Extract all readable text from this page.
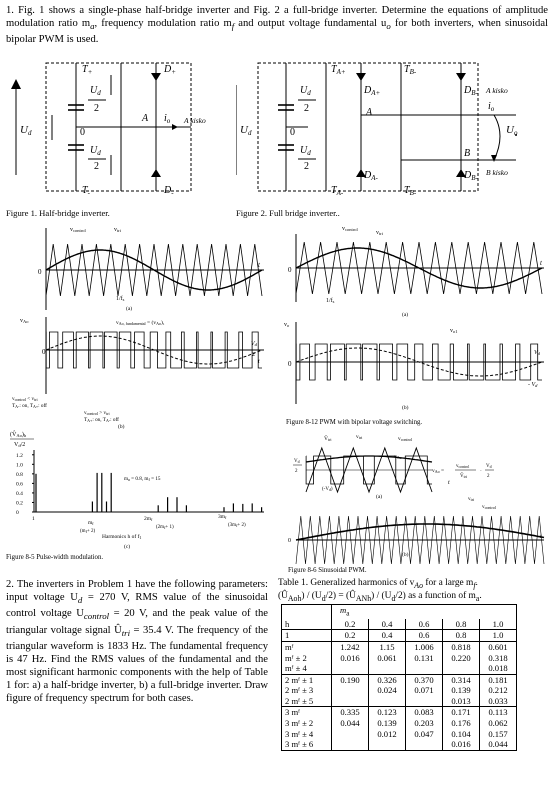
1. Fig. 1 shows a single-phase half-bridge inverter and Fig. 2 a full-bridge inverter. Determine the equations of amplitude modulation ratio $m_a$, frequency modulation ratio $m_f$ and output voltage fundamental $u_o$ for both inverters, when sinusoidal bipolar PWM is used.
$T_+$	$D_+$
$T_-$	$D_-$
Ud
$U_d$
2
$U_d$
2
0
A	A kisko
$i_o$
Figure 1. Half-bridge inverter.
$T_{A+}$	$T_{B-}$
$D_{A+}$	$D_{B-}$ A kisko
A
$i_o$
Uo
B
B kisko
$D_{A-}$	$D_{B-}$
$T_{A-}$	$T_{B-}$
Ud	0
$U_d$
2
$U_d$
2
Figure 2. Full bridge inverter..
0
t
vcontrol	vtri
1/fs
(a)
vAo	vAo, fundamental = (vAo)₁
Vd
2
0
t
vcontrol < vtri
TA-: on, TA+: off
vcontrol > vtri
TA+: on, TA-: off
(b)
(V̂Ao)h
Vd/2
1.2
1.0
0.8
0.6
0.4
0.2
0
ma = 0.8, mf = 15
1
mf
$(m_f+ 2)$
2mf
$(2m_f+ 1)$
3mf
$(3m_f+ 2)$
Harmonics h of f1
(c)
Figure 8-5 Pulse-width modulation.
0
t
vcontrol
vtri
1/fs
(a)
vo
vo1
Vd
- Vd
0
(b)
Figure 8-12 PWM with bipolar voltage switching.
V̂tri	vtri	vcontrol
vAo
vAo =
$v_{control}$
$V̂_{tri}$
·
$V_d$
2
$V_d$
2
$(-V_d)$
t
(a)
0
t
vtri
vcontrol
(b)
Figure 8-6 Sinusoidal PWM.
2. The inverters in Problem 1 have the following parameters: input voltage $U_d = 270$ V, RMS value of the sinusoidal control voltage $U_{control} = 20$ V, and the peak value of the triangular voltage signal $Û_{tri} = 35.4$ V. The frequency of the triangular waveform is 1833 Hz. The fundamental frequency is 47 Hz. Find the RMS values of the fundamental and the most significant harmonic components with the help of Table 1 for: a) a half-bridge inverter, b) a full-bridge inverter. Draw figure of frequency spectrum for both cases.
Table 1. Generalized harmonics of $v_{Ao}$ for a large $m_f$.
$(Û_{Aoh}) / (U_d/2)$ = $(Û_{ANh}) / (U_d/2)$ as a function of $m_a$.
	$m_a$
h	0.2	0.4	0.6	0.8	1.0
1	0.2	0.4	0.6	0.8	1.0
mᶠ	1.242	1.15	1.006	0.818	0.601
mᶠ ± 2	0.016	0.061	0.131	0.220	0.318
mᶠ ± 4					0.018
2 mᶠ ± 1	0.190	0.326	0.370	0.314	0.181
2 mᶠ ± 3		0.024	0.071	0.139	0.212
2 mᶠ ± 5				0.013	0.033
3 mᶠ	0.335	0.123	0.083	0.171	0.113
3 mᶠ ± 2	0.044	0.139	0.203	0.176	0.062
3 mᶠ ± 4		0.012	0.047	0.104	0.157
3 mᶠ ± 6				0.016	0.044
